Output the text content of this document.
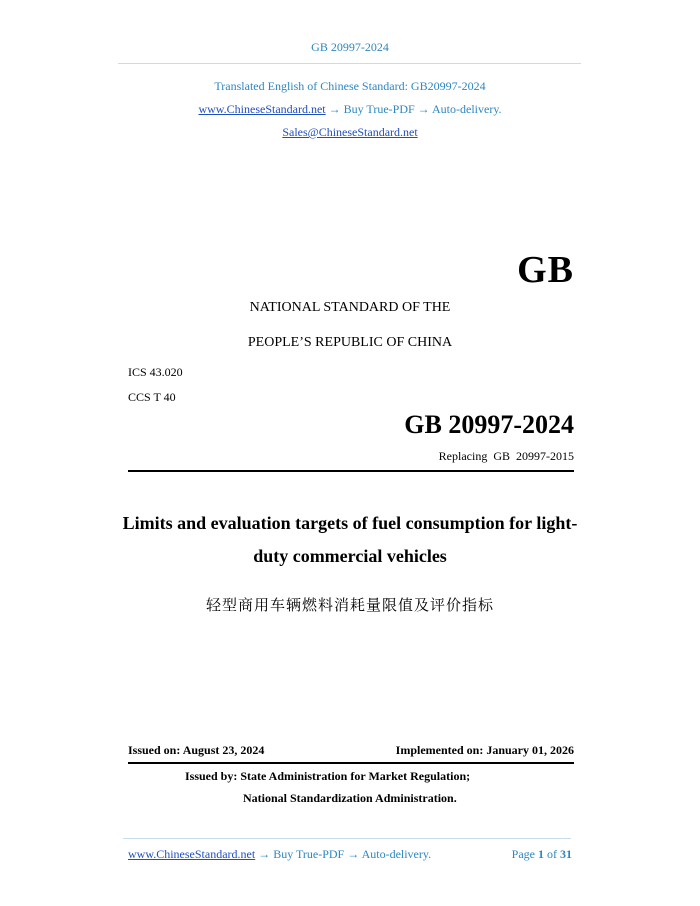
GB 20997-2024
Translated English of Chinese Standard: GB20997-2024
www.ChineseStandard.net → Buy True-PDF → Auto-delivery.
Sales@ChineseStandard.net
GB
NATIONAL STANDARD OF THE
PEOPLE’S REPUBLIC OF CHINA
ICS 43.020
CCS T 40
GB 20997-2024
Replacing GB 20997-2015
Limits and evaluation targets of fuel consumption for light-
duty commercial vehicles
轻型商用车辆燃料消耗量限值及评价指标
Issued on: August 23, 2024	Implemented on: January 01, 2026
Issued by: State Administration for Market Regulation;
National Standardization Administration.
www.ChineseStandard.net → Buy True-PDF → Auto-delivery.	Page 1 of 31
